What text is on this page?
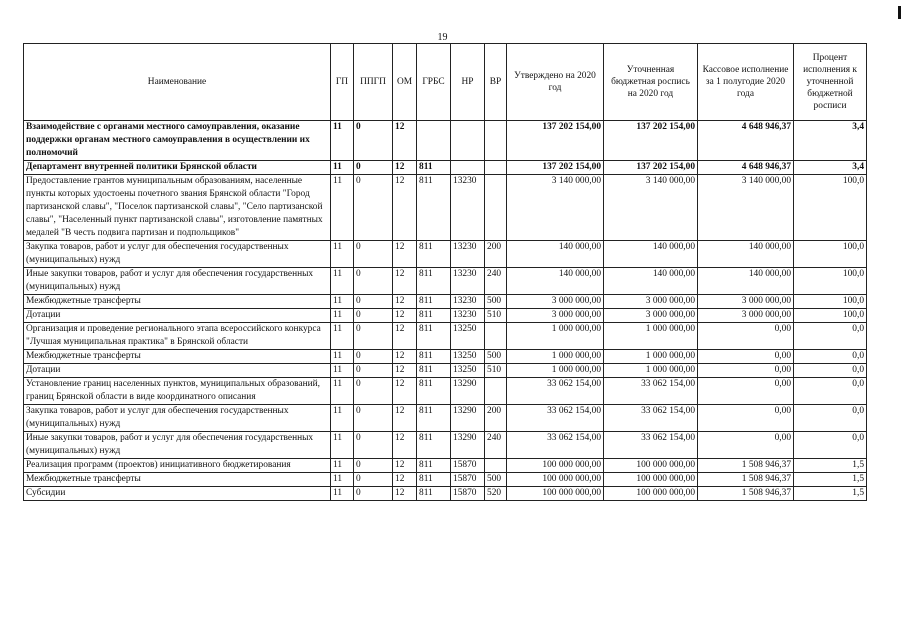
19
Наименование	ГП	ППГП	ОМ	ГРБС	НР	ВР	Утверждено на 2020 год	Уточненная бюджетная роспись на 2020 год	Кассовое исполнение за 1 полугодие 2020 года	Процент исполнения к уточненной бюджетной росписи
Взаимодействие с органами местного самоуправления, оказание поддержки органам местного самоуправления в осуществлении их полномочий	11	0	12				137 202 154,00	137 202 154,00	4 648 946,37	3,4
Департамент внутренней политики Брянской области	11	0	12	811			137 202 154,00	137 202 154,00	4 648 946,37	3,4
Предоставление грантов муниципальным образованиям, населенные пункты которых удостоены почетного звания Брянской области "Город партизанской славы", "Поселок партизанской славы", "Село партизанской славы", "Населенный пункт партизанской славы", изготовление памятных медалей "В честь подвига партизан и подпольщиков"	11	0	12	811	13230		3 140 000,00	3 140 000,00	3 140 000,00	100,0
Закупка товаров, работ и услуг для обеспечения государственных (муниципальных) нужд	11	0	12	811	13230	200	140 000,00	140 000,00	140 000,00	100,0
Иные закупки товаров, работ и услуг для обеспечения государственных (муниципальных) нужд	11	0	12	811	13230	240	140 000,00	140 000,00	140 000,00	100,0
Межбюджетные трансферты	11	0	12	811	13230	500	3 000 000,00	3 000 000,00	3 000 000,00	100,0
Дотации	11	0	12	811	13230	510	3 000 000,00	3 000 000,00	3 000 000,00	100,0
Организация и проведение регионального этапа всероссийского конкурса "Лучшая муниципальная практика" в Брянской области	11	0	12	811	13250		1 000 000,00	1 000 000,00	0,00	0,0
Межбюджетные трансферты	11	0	12	811	13250	500	1 000 000,00	1 000 000,00	0,00	0,0
Дотации	11	0	12	811	13250	510	1 000 000,00	1 000 000,00	0,00	0,0
Установление границ населенных пунктов, муниципальных образований, границ Брянской области в виде координатного описания	11	0	12	811	13290		33 062 154,00	33 062 154,00	0,00	0,0
Закупка товаров, работ и услуг для обеспечения государственных (муниципальных) нужд	11	0	12	811	13290	200	33 062 154,00	33 062 154,00	0,00	0,0
Иные закупки товаров, работ и услуг для обеспечения государственных (муниципальных) нужд	11	0	12	811	13290	240	33 062 154,00	33 062 154,00	0,00	0,0
Реализация программ (проектов) инициативного бюджетирования	11	0	12	811	15870		100 000 000,00	100 000 000,00	1 508 946,37	1,5
Межбюджетные трансферты	11	0	12	811	15870	500	100 000 000,00	100 000 000,00	1 508 946,37	1,5
Субсидии	11	0	12	811	15870	520	100 000 000,00	100 000 000,00	1 508 946,37	1,5
